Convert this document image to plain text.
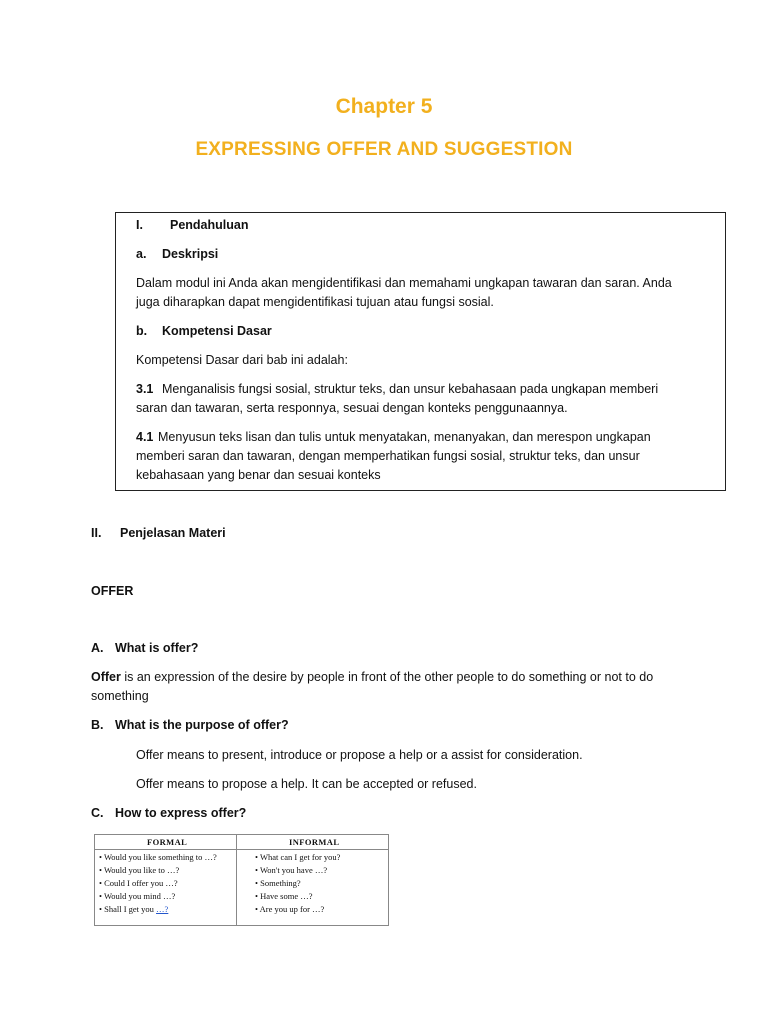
Chapter 5
EXPRESSING OFFER AND SUGGESTION
I. Pendahuluan
a. Deskripsi
Dalam modul ini Anda akan mengidentifikasi dan memahami ungkapan tawaran dan saran. Anda
juga diharapkan dapat mengidentifikasi tujuan atau fungsi sosial.
b. Kompetensi Dasar
Kompetensi Dasar dari bab ini adalah:
3.1 Menganalisis fungsi sosial, struktur teks, dan unsur kebahasaan pada ungkapan memberi
saran dan tawaran, serta responnya, sesuai dengan konteks penggunaannya.
4.1 Menyusun teks lisan dan tulis untuk menyatakan, menanyakan, dan merespon ungkapan
memberi saran dan tawaran, dengan memperhatikan fungsi sosial, struktur teks, dan unsur
kebahasaan yang benar dan sesuai konteks
II. Penjelasan Materi
OFFER
A. What is offer?
Offer is an expression of the desire by people in front of the other people to do something or not to do
something
B. What is the purpose of offer?
Offer means to present, introduce or propose a help or a assist for consideration.
Offer means to propose a help. It can be accepted or refused.
C. How to express offer?
FORMAL	INFORMAL
• Would you like something to …?
• Would you like to …?
• Could I offer you …?
• Would you mind …?
• Shall I get you …?
• What can I get for you?
• Won't you have …?
• Something?
• Have some …?
• Are you up for …?
